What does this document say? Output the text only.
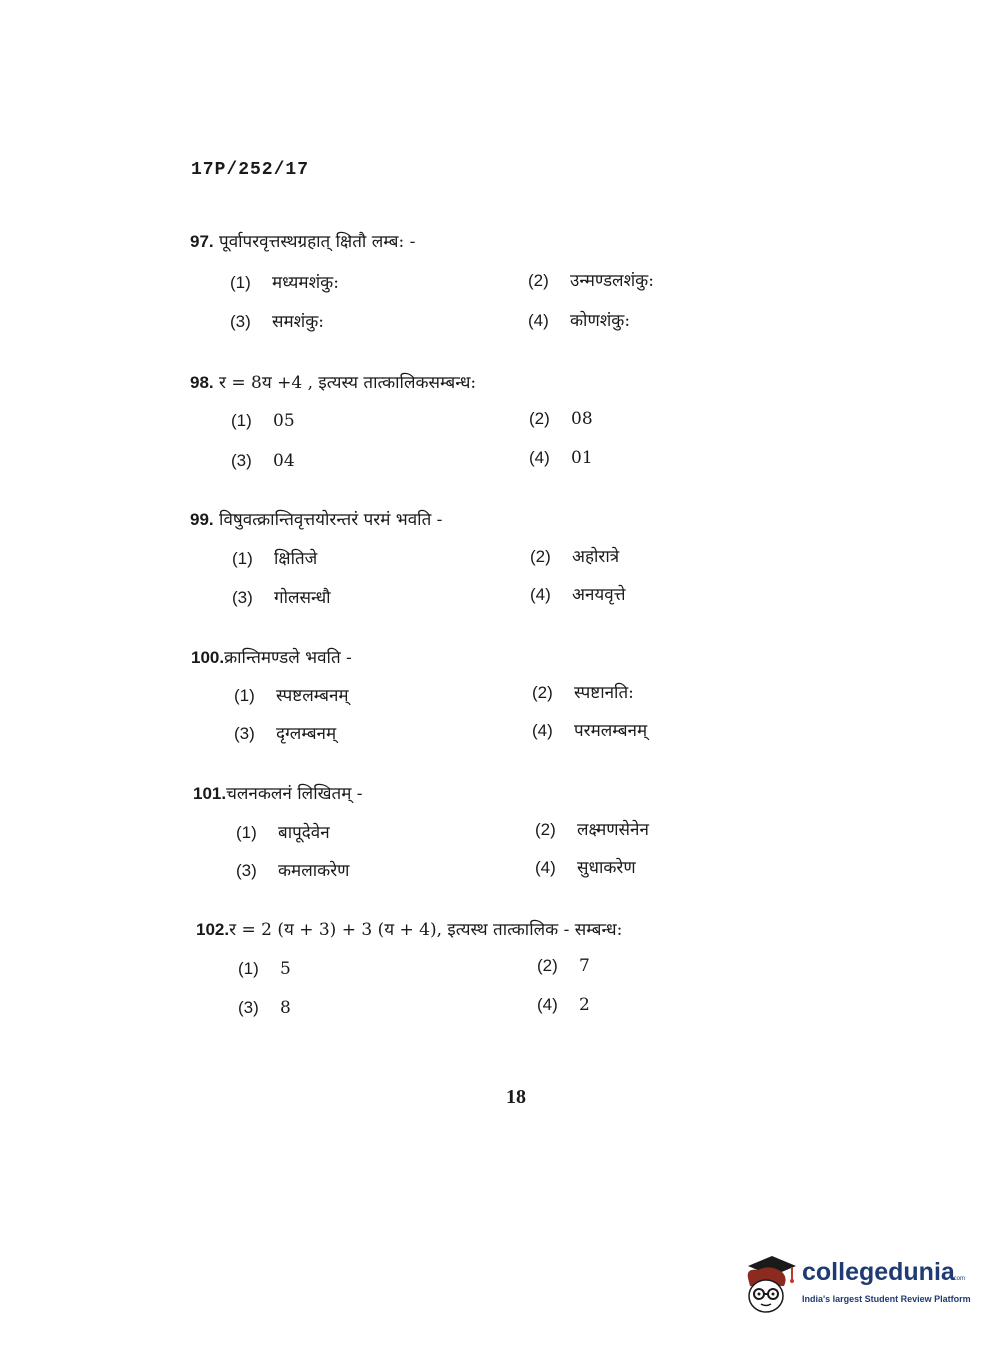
17P/252/17
97. पूर्वापरवृत्तस्थग्रहात् क्षितौ लम्ब: -
(1) मध्यमशंकु:	(2) उन्मण्डलशंकु:
(3) समशंकु:	(4) कोणशंकु:
98. र = 8य +4 , इत्यस्य तात्कालिकसम्बन्ध:
(1) 05	(2) 08
(3) 04	(4) 01
99. विषुवत्क्रान्तिवृत्तयोरन्तरं परमं भवति -
(1) क्षितिजे	(2) अहोरात्रे
(3) गोलसन्धौ	(4) अनयवृत्ते
100.क्रान्तिमण्डले भवति -
(1) स्पष्टलम्बनम्	(2) स्पष्टानति:
(3) दृग्लम्बनम्	(4) परमलम्बनम्
101.चलनकलनं लिखितम् -
(1) बापूदेवेन	(2) लक्ष्मणसेनेन
(3) कमलाकरेण	(4) सुधाकरेण
102.र = 2 (य + 3) + 3 (य + 4), इत्यस्थ तात्कालिक - सम्बन्ध:
(1) 5	(2) 7
(3) 8	(4) 2
18
collegedunia
.com
India's largest Student Review Platform
